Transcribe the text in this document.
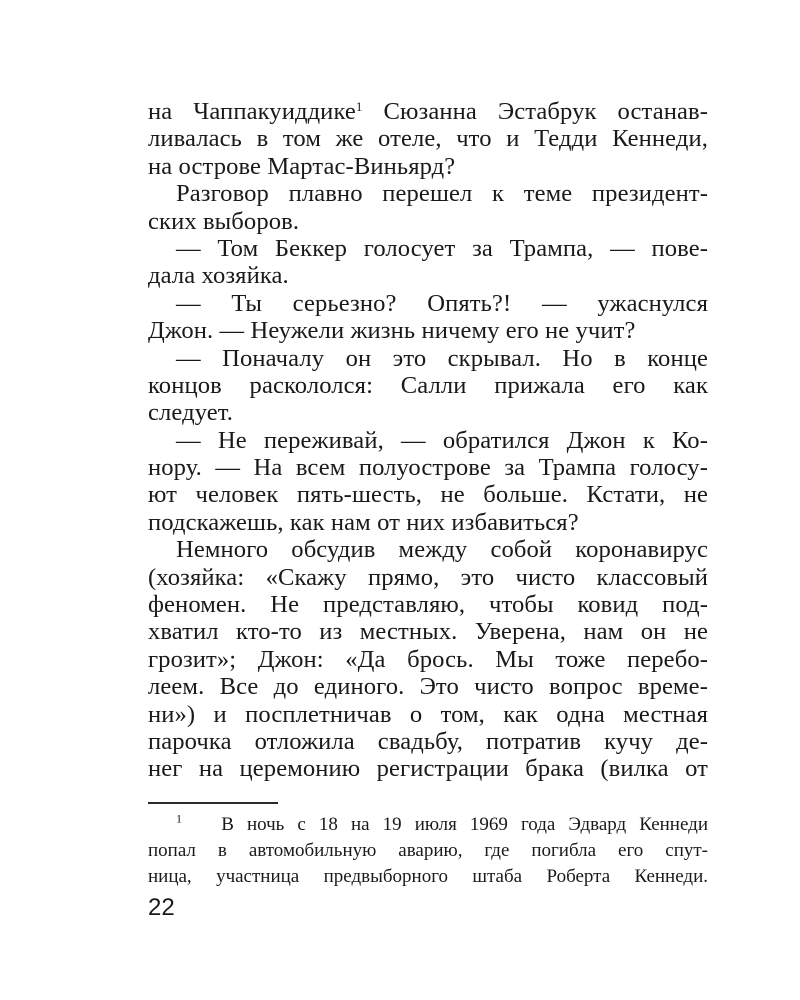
на Чаппакуиддике$^1$ Сюзанна Эстабрук останав-
ливалась в том же отеле, что и Тедди Кеннеди,
на острове Мартас-Виньярд?
Разговор плавно перешел к теме президент-
ских выборов.
— Том Беккер голосует за Трампа, — пове-
дала хозяйка.
— Ты серьезно? Опять?! — ужаснулся
Джон. — Неужели жизнь ничему его не учит?
— Поначалу он это скрывал. Но в конце
концов раскололся: Салли прижала его как
следует.
— Не переживай, — обратился Джон к Ко-
нору. — На всем полуострове за Трампа голосу-
ют человек пять-шесть, не больше. Кстати, не
подскажешь, как нам от них избавиться?
Немного обсудив между собой коронавирус
(хозяйка: «Скажу прямо, это чисто классовый
феномен. Не представляю, чтобы ковид под-
хватил кто-то из местных. Уверена, нам он не
грозит»; Джон: «Да брось. Мы тоже перебо-
леем. Все до единого. Это чисто вопрос време-
ни») и посплетничав о том, как одна местная
парочка отложила свадьбу, потратив кучу де-
нег на церемонию регистрации брака (вилка от
$^1$ В ночь с 18 на 19 июля 1969 года Эдвард Кеннеди
попал в автомобильную аварию, где погибла его спут-
ница, участница предвыборного штаба Роберта Кеннеди.
22
